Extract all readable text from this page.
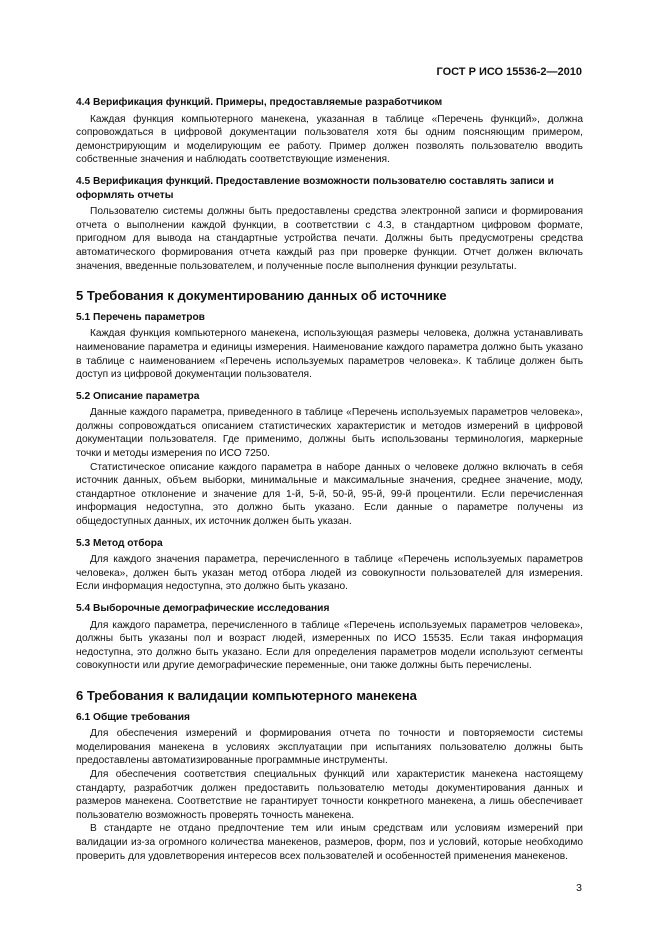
ГОСТ Р ИСО 15536-2—2010
4.4 Верификация функций. Примеры, предоставляемые разработчиком

Каждая функция компьютерного манекена, указанная в таблице «Перечень функций», должна сопровождаться в цифровой документации пользователя хотя бы одним поясняющим примером, демонстрирующим и моделирующим ее работу. Пример должен позволять пользователю вводить собственные значения и наблюдать соответствующие изменения.

4.5 Верификация функций. Предоставление возможности пользователю составлять записи и оформлять отчеты

Пользователю системы должны быть предоставлены средства электронной записи и формирования отчета о выполнении каждой функции, в соответствии с 4.3, в стандартном цифровом формате, пригодном для вывода на стандартные устройства печати. Должны быть предусмотрены средства автоматического формирования отчета каждый раз при проверке функции. Отчет должен включать значения, введенные пользователем, и полученные после выполнения функции результаты.

5 Требования к документированию данных об источнике
5.1 Перечень параметров

Каждая функция компьютерного манекена, использующая размеры человека, должна устанавливать наименование параметра и единицы измерения. Наименование каждого параметра должно быть указано в таблице с наименованием «Перечень используемых параметров человека». К таблице должен быть доступ из цифровой документации пользователя.

5.2 Описание параметра

Данные каждого параметра, приведенного в таблице «Перечень используемых параметров человека», должны сопровождаться описанием статистических характеристик и методов измерений в цифровой документации пользователя. Где применимо, должны быть использованы терминология, маркерные точки и методы измерения по ИСО 7250.

Статистическое описание каждого параметра в наборе данных о человеке должно включать в себя источник данных, объем выборки, минимальные и максимальные значения, среднее значение, моду, стандартное отклонение и значение для 1-й, 5-й, 50-й, 95-й, 99-й процентили. Если перечисленная информация недоступна, это должно быть указано. Если данные о параметре получены из общедоступных данных, их источник должен быть указан.

5.3 Метод отбора

Для каждого значения параметра, перечисленного в таблице «Перечень используемых параметров человека», должен быть указан метод отбора людей из совокупности пользователей для измерения. Если информация недоступна, это должно быть указано.

5.4 Выборочные демографические исследования

Для каждого параметра, перечисленного в таблице «Перечень используемых параметров человека», должны быть указаны пол и возраст людей, измеренных по ИСО 15535. Если такая информация недоступна, это должно быть указано. Если для определения параметров модели используют сегменты совокупности или другие демографические переменные, они также должны быть перечислены.

6 Требования к валидации компьютерного манекена
6.1 Общие требования

Для обеспечения измерений и формирования отчета по точности и повторяемости системы моделирования манекена в условиях эксплуатации при испытаниях пользователю должны быть предоставлены автоматизированные программные инструменты.

Для обеспечения соответствия специальных функций или характеристик манекена настоящему стандарту, разработчик должен предоставить пользователю методы документирования данных и размеров манекена. Соответствие не гарантирует точности конкретного манекена, а лишь обеспечивает пользователю возможность проверять точность манекена.

В стандарте не отдано предпочтение тем или иным средствам или условиям измерений при валидации из-за огромного количества манекенов, размеров, форм, поз и условий, которые необходимо проверить для удовлетворения интересов всех пользователей и особенностей применения манекенов.

3
